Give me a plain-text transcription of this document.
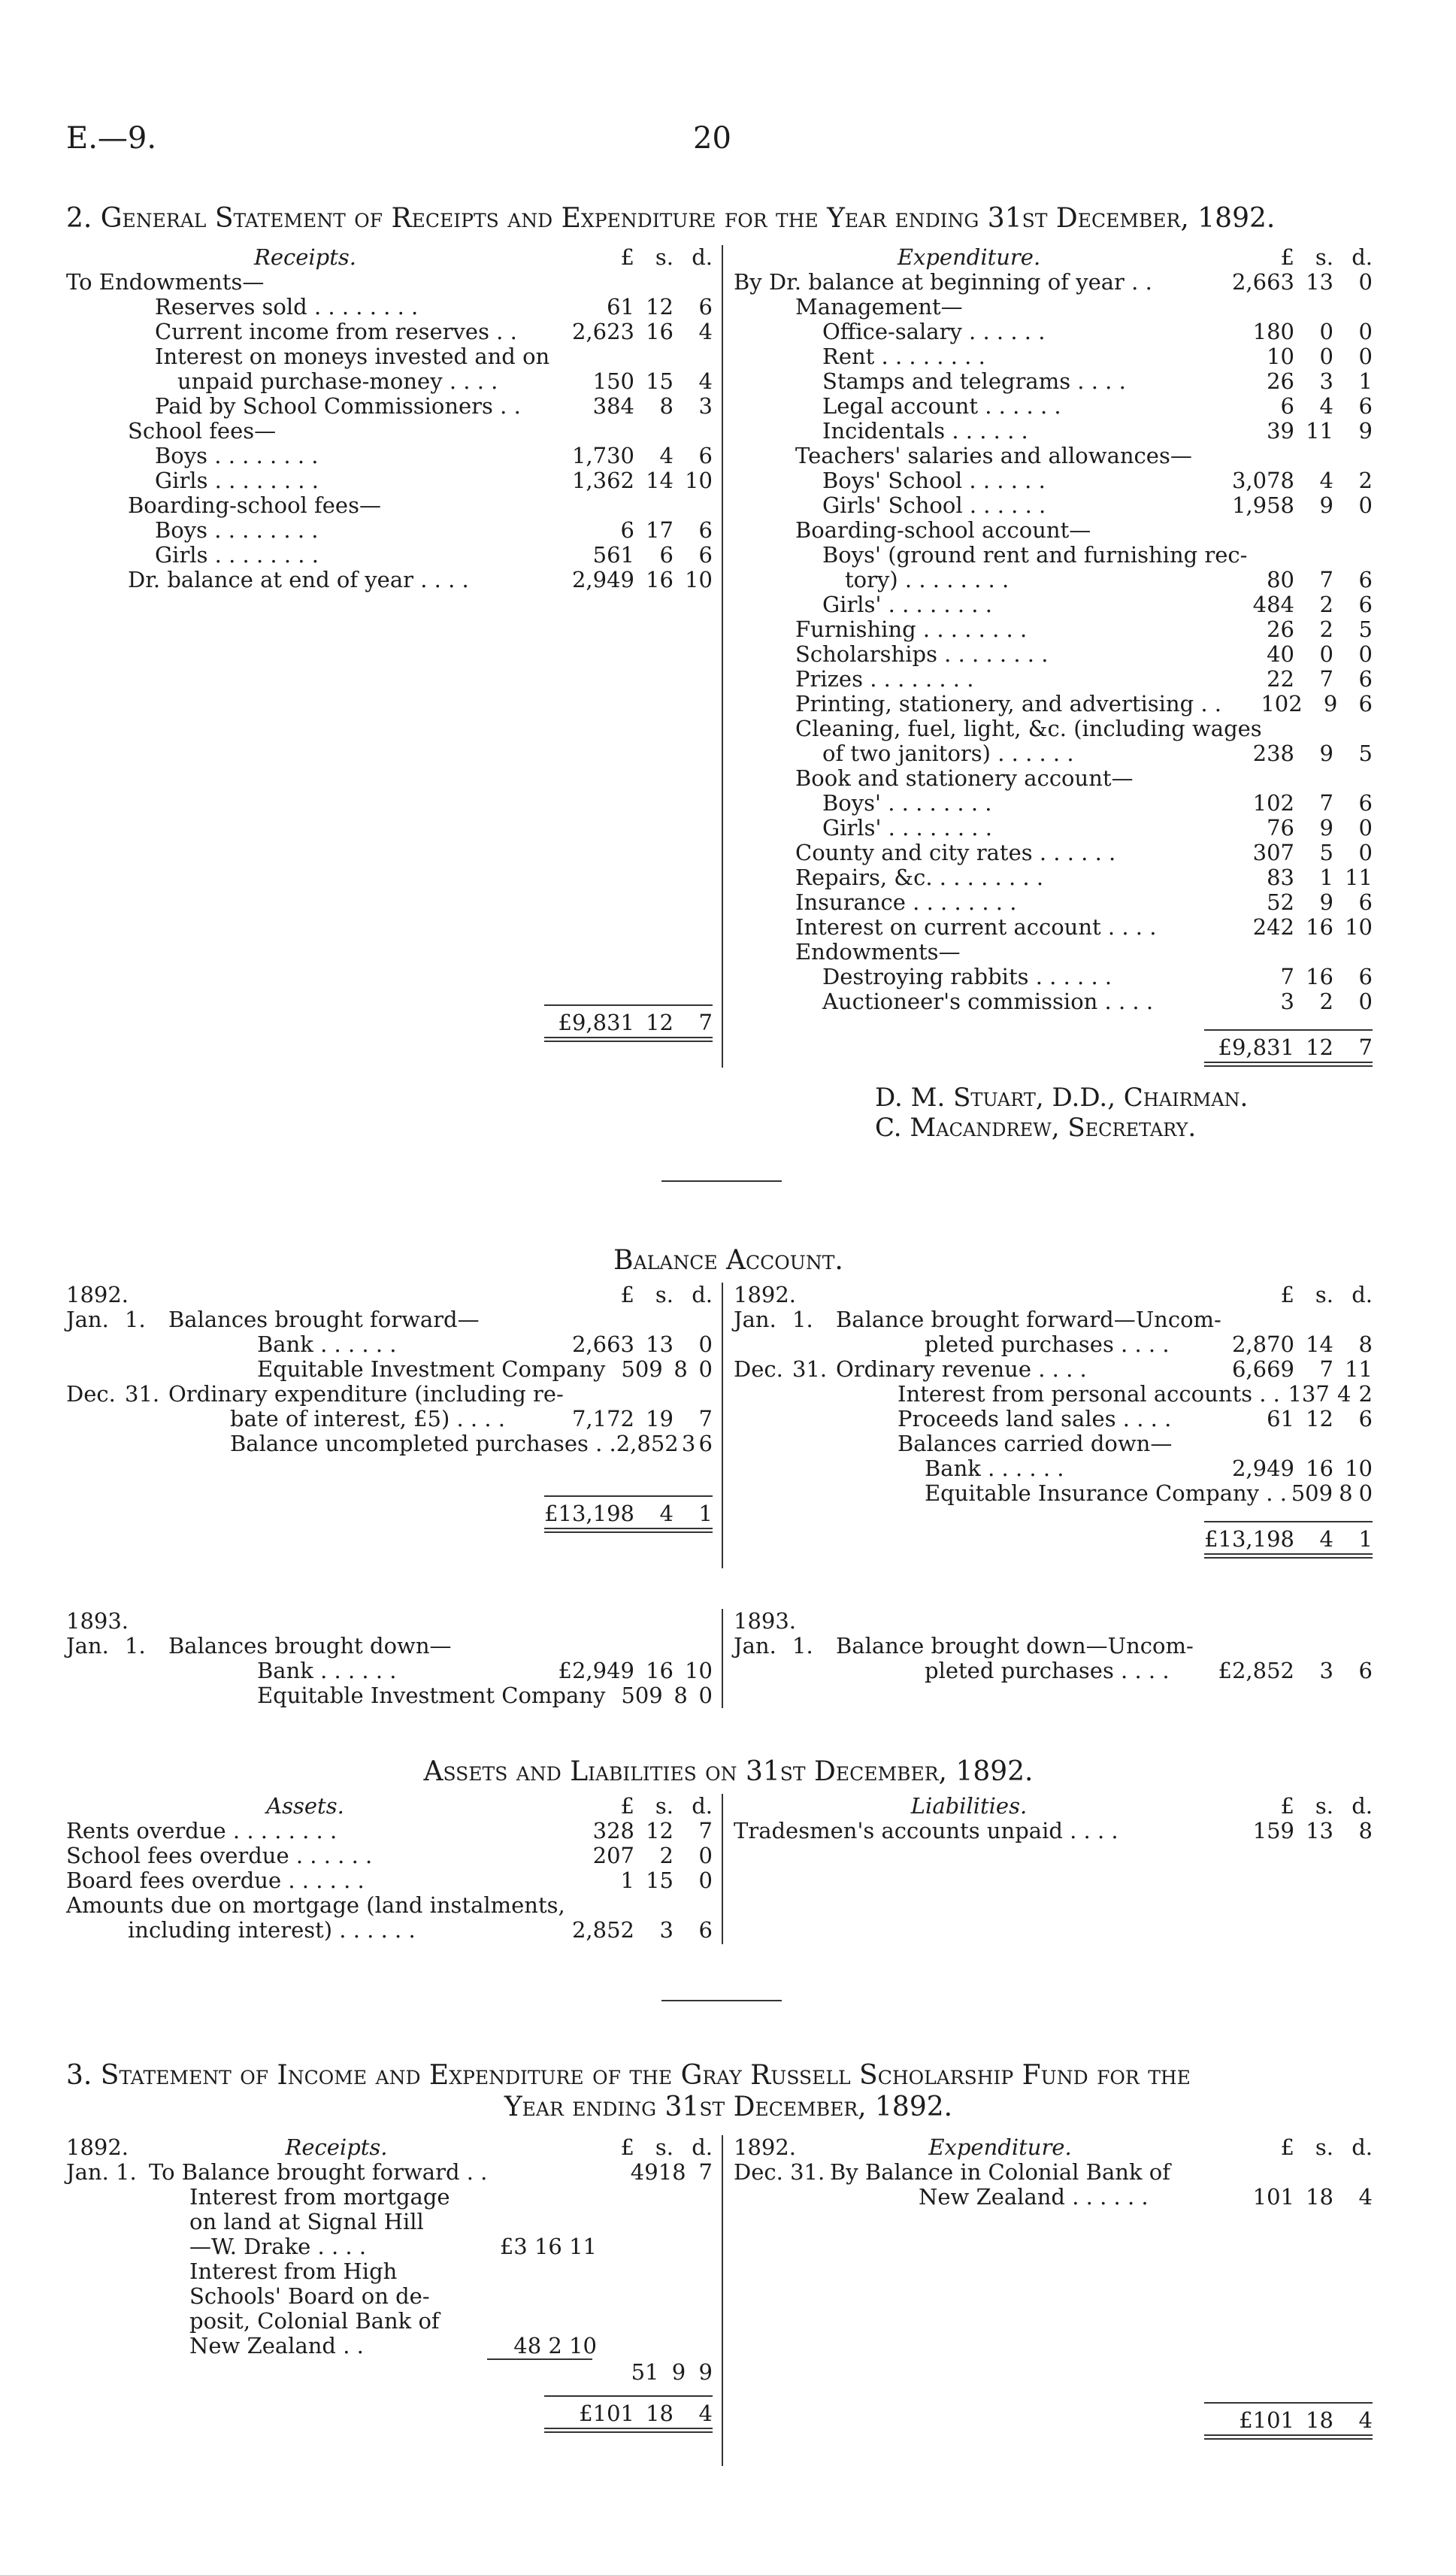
E.—9.	20
2. General Statement of Receipts and Expenditure for the Year ending 31st December, 1892.
Receipts.	£ s. d.
To Endowments—
Reserves sold . . . . . . . .	61 12	6
Current income from reserves . .	2,623 16	4
Interest on moneys invested and on
unpaid purchase-money . . . .	150 15	4
Paid by School Commissioners . .	384	8	3
School fees—
Boys . . . . . . . .	1,730	4	6
Girls . . . . . . . .	1,362 14 10
Boarding-school fees—
Boys . . . . . . . .	6 17	6
Girls . . . . . . . .	561	6	6
Dr. balance at end of year . . . .	2,949 16 10
£9,831 12	7
Expenditure.	£ s. d.
By Dr. balance at beginning of year . .	2,663 13	0
Management—
Office-salary . . . . . .	180	0	0
Rent . . . . . . . .	10	0	0
Stamps and telegrams . . . .	26	3	1
Legal account . . . . . .	6	4	6
Incidentals . . . . . .	39 11	9
Teachers' salaries and allowances—
Boys' School . . . . . .	3,078	4	2
Girls' School . . . . . .	1,958	9	0
Boarding-school account—
Boys' (ground rent and furnishing rec-
tory) . . . . . . . .	80	7	6
Girls' . . . . . . . .	484	2	6
Furnishing . . . . . . . .	26	2	5
Scholarships . . . . . . . .	40	0	0
Prizes . . . . . . . .	22	7	6
Printing, stationery, and advertising . .	102 9 6
Cleaning, fuel, light, &c. (including wages
of two janitors) . . . . . .	238	9	5
Book and stationery account—
Boys' . . . . . . . .	102	7	6
Girls' . . . . . . . .	76	9	0
County and city rates . . . . . .	307	5	0
Repairs, &c. . . . . . . . .	83	1 11
Insurance . . . . . . . .	52	9	6
Interest on current account . . . .	242 16 10
Endowments—
Destroying rabbits . . . . . .	7 16	6
Auctioneer's commission . . . .	3	2	0
£9,831 12	7
D. M. Stuart, D.D., Chairman.
C. Macandrew, Secretary.
Balance Account.
1892.	£ s. d.
Jan. 1. Balances brought forward—
Bank . . . . . .	2,663 13	0
Equitable Investment Company 509 8 0
Dec. 31. Ordinary expenditure (including re-
bate of interest, £5) . . . .	7,172 19	7
Balance uncompleted purchases . . 2,852 3 6
£13,198	4	1
1892.	£ s. d.
Jan. 1. Balance brought forward—Uncom-
pleted purchases . . . .	2,870 14	8
Dec. 31. Ordinary revenue . . . .	6,669	7 11
Interest from personal accounts . . 137 4 2
Proceeds land sales . . . .	61 12	6
Balances carried down—
Bank . . . . . .	2,949 16 10
Equitable Insurance Company . . 509 8 0
£13,198	4	1
1893.
Jan. 1. Balances brought down—
Bank . . . . . .	£2,949 16 10
Equitable Investment Company 509 8 0
1893.
Jan. 1. Balance brought down—Uncom-
pleted purchases . . . .	£2,852	3	6
Assets and Liabilities on 31st December, 1892.
Assets.	£ s. d.
Rents overdue . . . . . . . .	328 12	7
School fees overdue . . . . . .	207	2	0
Board fees overdue . . . . . .	1 15	0
Amounts due on mortgage (land instalments,
including interest) . . . . . .	2,852	3	6
Liabilities.	£ s. d.
Tradesmen's accounts unpaid . . . .	159 13	8
3. Statement of Income and Expenditure of the Gray Russell Scholarship Fund for the
Year ending 31st December, 1892.
1892.	Receipts.	£ s. d.
Jan. 1. To Balance brought forward . .	49 18 7
Interest from mortgage
on land at Signal Hill
—W. Drake . . . .	£3 16 11
Interest from High
Schools' Board on de-
posit, Colonial Bank of
New Zealand . .	48 2 10
51 9 9
£101 18	4
1892.	Expenditure.	£ s. d.
Dec. 31. By Balance in Colonial Bank of
New Zealand . . . . . .	101 18	4
£101 18	4
